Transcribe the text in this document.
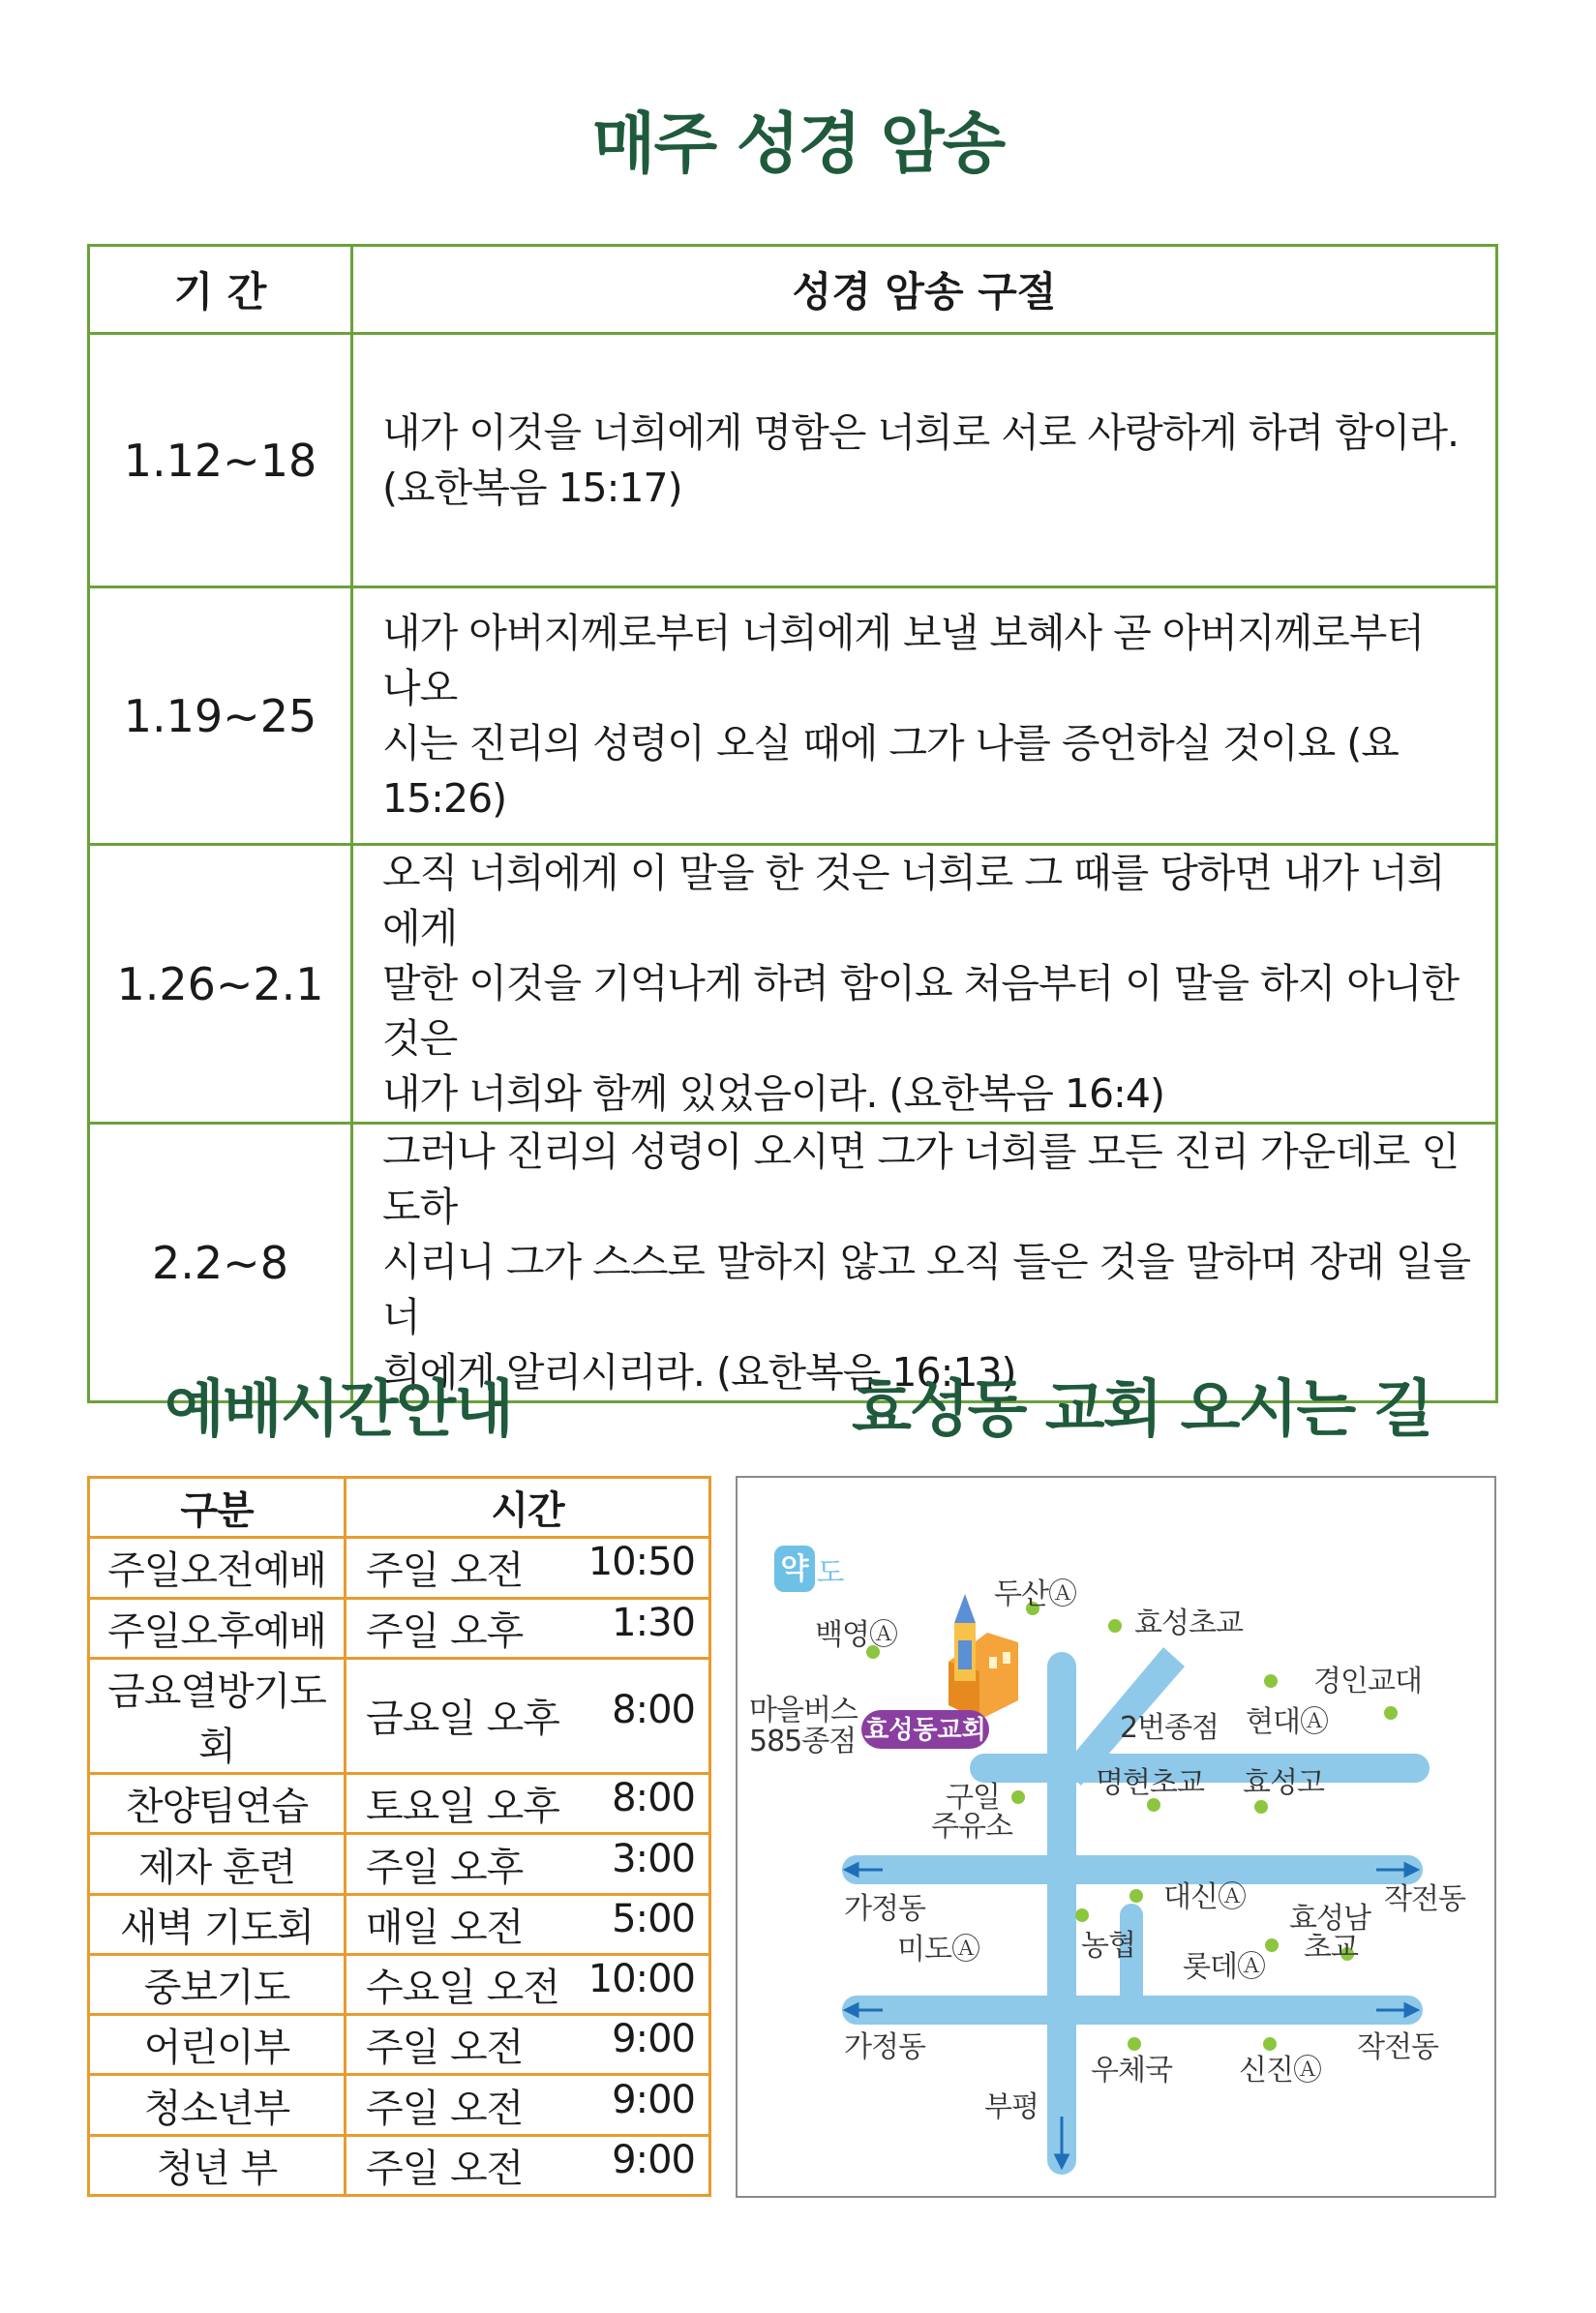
매주 성경 암송
기 간	성경 암송 구절
1.12~18	내가 이것을 너희에게 명함은 너희로 서로 사랑하게 하려 함이라.
(요한복음 15:17)

1.19~25	내가 아버지께로부터 너희에게 보낼 보혜사 곧 아버지께로부터 나오
시는 진리의 성령이 오실 때에 그가 나를 증언하실 것이요 (요 15:26)

1.26~2.1	오직 너희에게 이 말을 한 것은 너희로 그 때를 당하면 내가 너희에게
말한 이것을 기억나게 하려 함이요 처음부터 이 말을 하지 아니한 것은
내가 너희와 함께 있었음이라. (요한복음 16:4)

2.2~8	그러나 진리의 성령이 오시면 그가 너희를 모든 진리 가운데로 인도하
시리니 그가 스스로 말하지 않고 오직 들은 것을 말하며 장래 일을 너
희에게 알리시리라. (요한복음 16:13)
예배시간안내	효성동 교회 오시는 길
구분	시간
주일오전예배	주일 오전 10:50

주일오후예배	주일 오후 1:30

금요열방기도회	금요일 오후 8:00

찬양팀연습	토요일 오후 8:00

제자 훈련	주일 오후 3:00

새벽 기도회	매일 오전 5:00

중보기도	수요일 오전 10:00

어린이부	주일 오전 9:00

청소년부	주일 오전 9:00

청년 부	주일 오전 9:00
약 도
효성동교회
두산Ⓐ
백영Ⓐ	효성초교
경인교대
마을버스
585종점	2번종점 현대Ⓐ
구일
주유소
명현초교 효성고
가정동	대신Ⓐ
효성남
초교
작전동
미도Ⓐ	농협
롯데Ⓐ
가정동	작전동
우체국 신진Ⓐ
부평
